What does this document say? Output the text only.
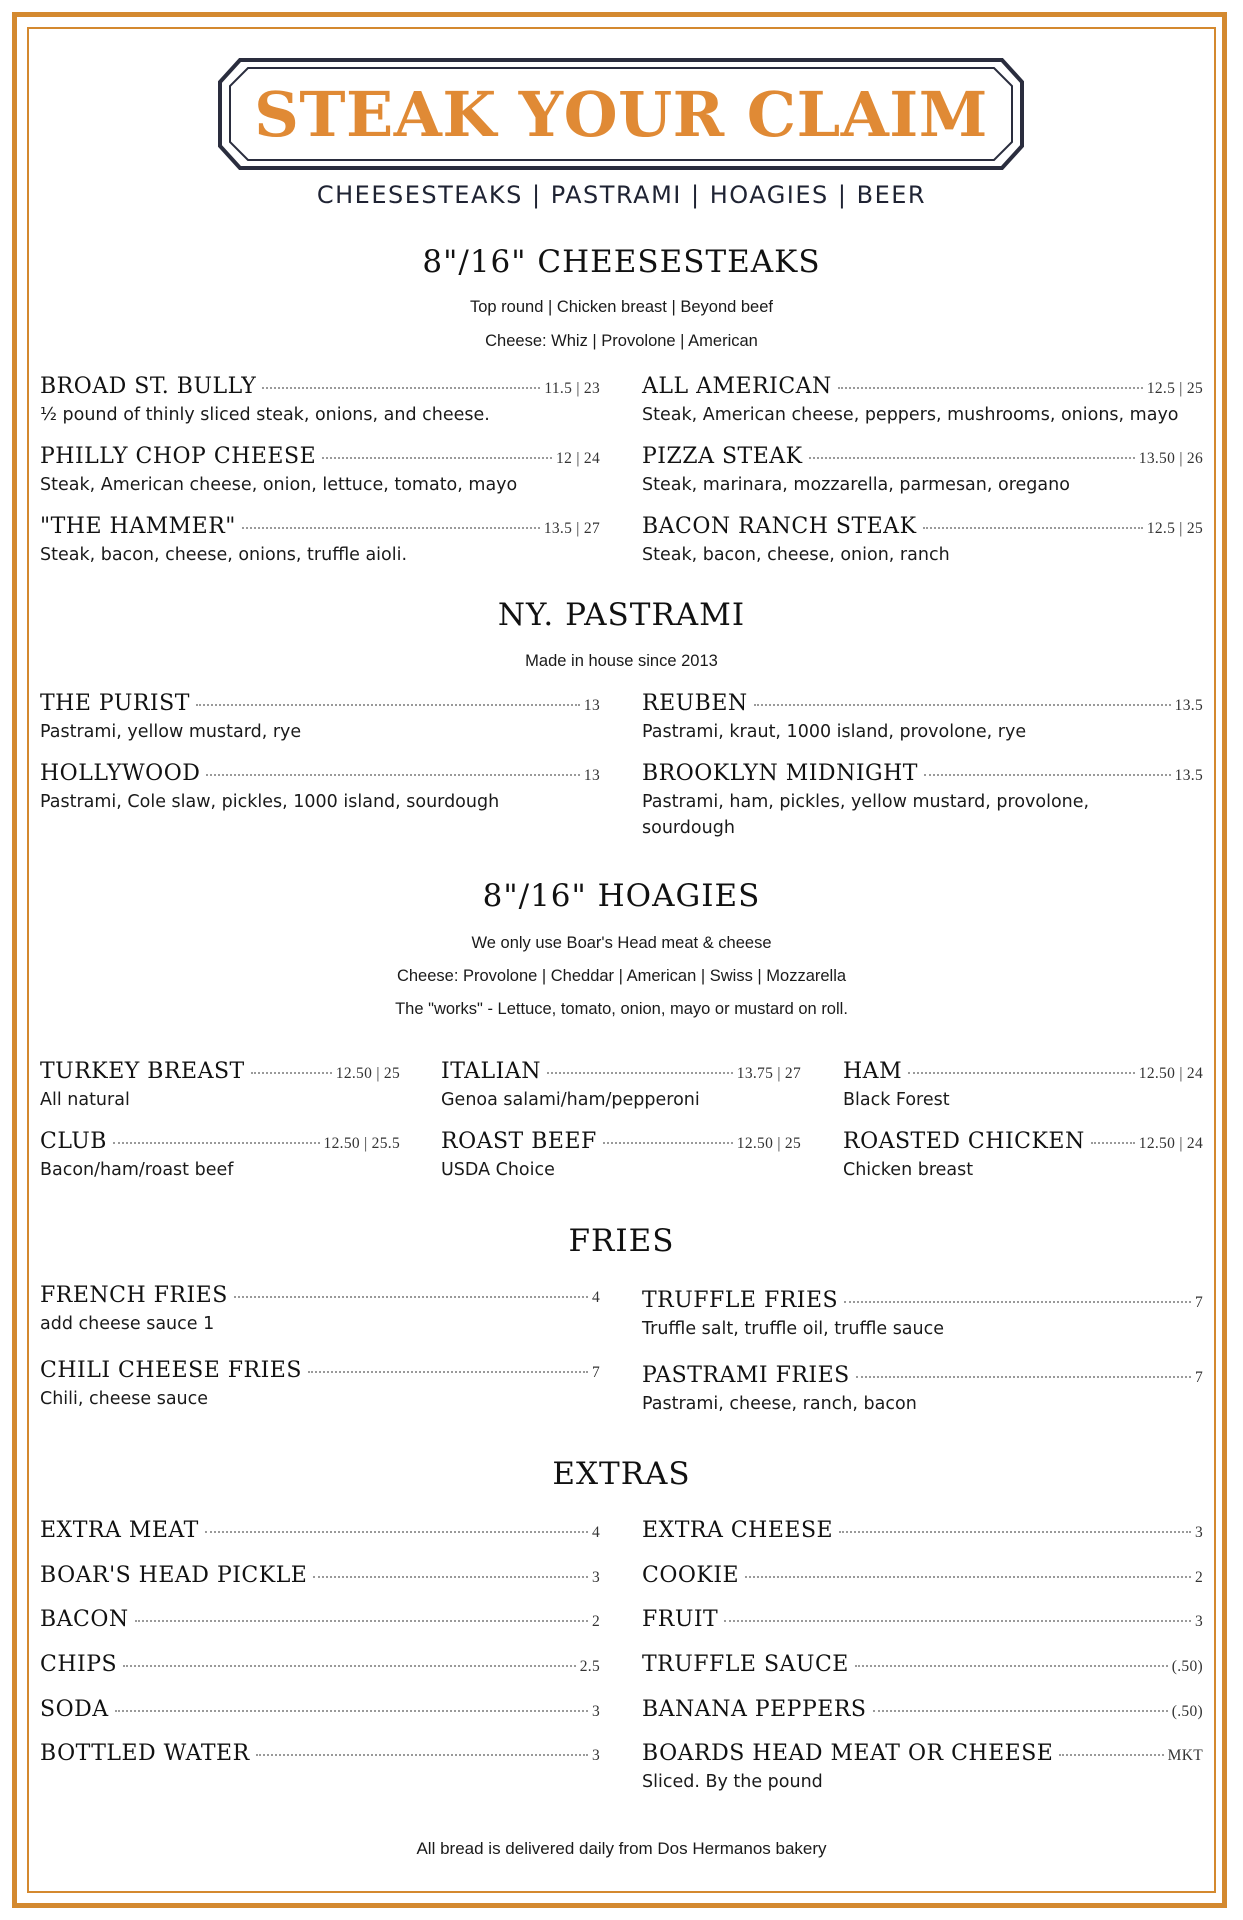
STEAK YOUR CLAIM
CHEESESTEAKS | PASTRAMI | HOAGIES | BEER
8"/16" CHEESESTEAKS
Top round | Chicken breast | Beyond beef
Cheese: Whiz | Provolone | American
BROAD ST. BULLY	11.5 | 23
½ pound of thinly sliced steak, onions, and cheese.
ALL AMERICAN	12.5 | 25
Steak, American cheese, peppers, mushrooms, onions, mayo
PHILLY CHOP CHEESE	12 | 24
Steak, American cheese, onion, lettuce, tomato, mayo
PIZZA STEAK	13.50 | 26
Steak, marinara, mozzarella, parmesan, oregano
"THE HAMMER"	13.5 | 27
Steak, bacon, cheese, onions, truffle aioli.
BACON RANCH STEAK	12.5 | 25
Steak, bacon, cheese, onion, ranch
NY. PASTRAMI
Made in house since 2013
THE PURIST	13
Pastrami, yellow mustard, rye
REUBEN	13.5
Pastrami, kraut, 1000 island, provolone, rye
HOLLYWOOD	13
Pastrami, Cole slaw, pickles, 1000 island, sourdough
BROOKLYN MIDNIGHT	13.5
Pastrami, ham, pickles, yellow mustard, provolone, sourdough
8"/16" HOAGIES
We only use Boar's Head meat & cheese
Cheese: Provolone | Cheddar | American | Swiss | Mozzarella
The "works" - Lettuce, tomato, onion, mayo or mustard on roll.
TURKEY BREAST	12.50 | 25
All natural
ITALIAN	13.75 | 27
Genoa salami/ham/pepperoni
HAM	12.50 | 24
Black Forest
CLUB	12.50 | 25.5
Bacon/ham/roast beef
ROAST BEEF	12.50 | 25
USDA Choice
ROASTED CHICKEN	12.50 | 24
Chicken breast
FRIES
FRENCH FRIES	4
add cheese sauce 1
TRUFFLE FRIES	7
Truffle salt, truffle oil, truffle sauce
CHILI CHEESE FRIES	7
Chili, cheese sauce
PASTRAMI FRIES	7
Pastrami, cheese, ranch, bacon
EXTRAS
EXTRA MEAT	4 EXTRA CHEESE	3
BOAR'S HEAD PICKLE	3 COOKIE	2
BACON	2 FRUIT	3
CHIPS	2.5 TRUFFLE SAUCE	(.50)
SODA	3 BANANA PEPPERS	(.50)
BOTTLED WATER	3 BOARDS HEAD MEAT OR CHEESE	MKT
Sliced. By the pound
All bread is delivered daily from Dos Hermanos bakery
